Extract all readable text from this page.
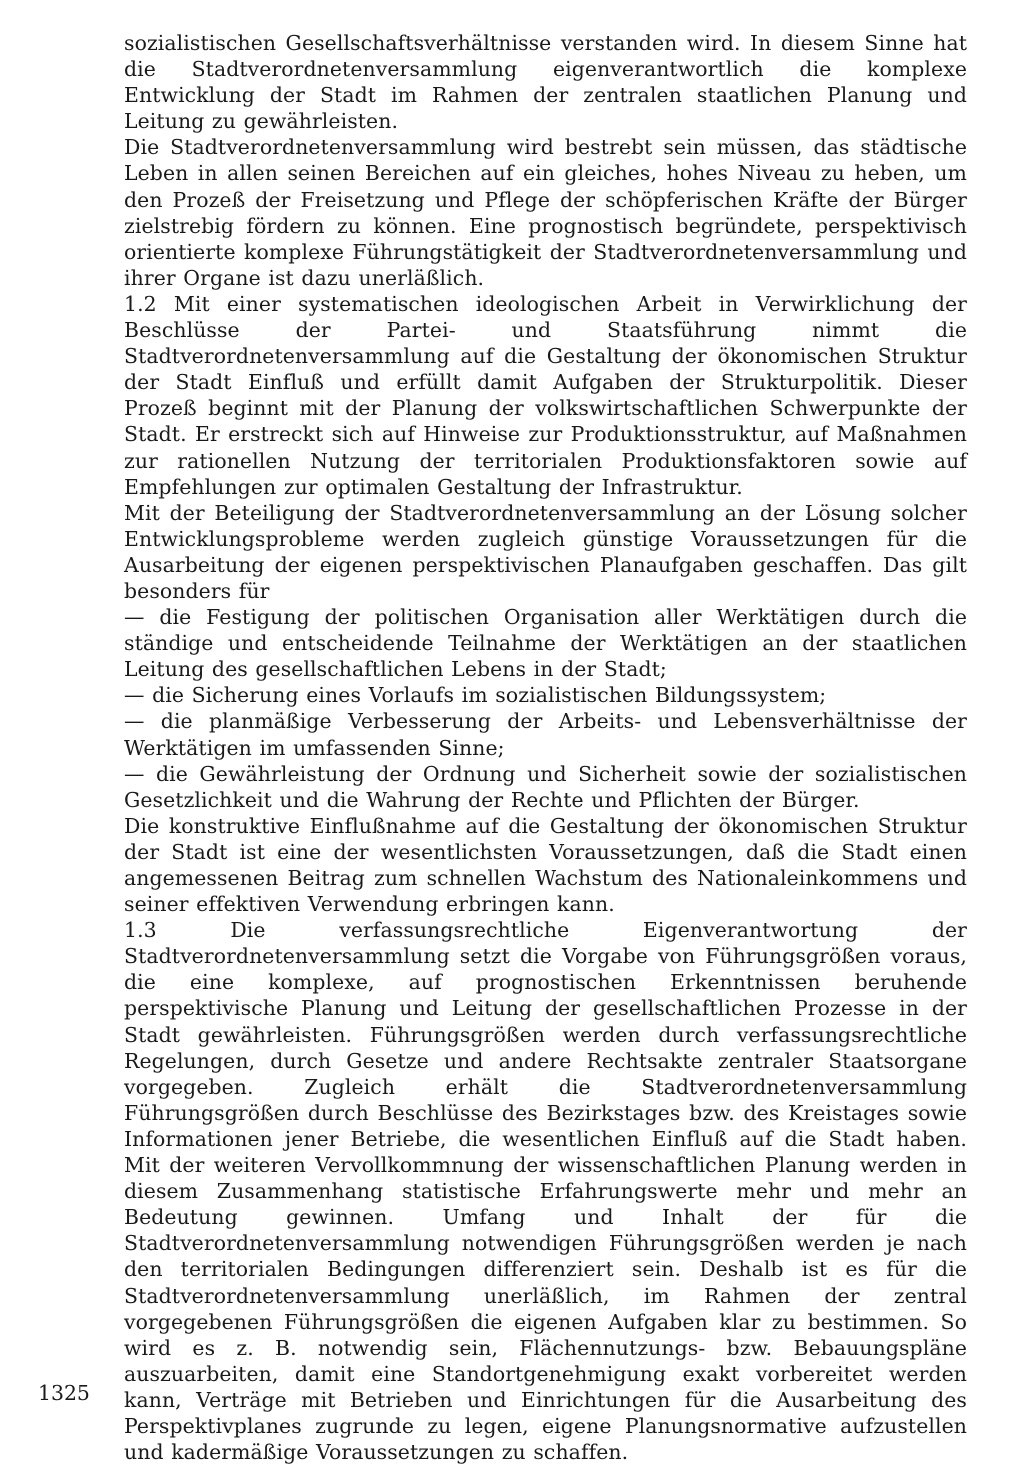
sozialistischen Gesellschaftsverhältnisse verstanden wird. In diesem Sinne hat die Stadtverordnetenversammlung eigenverantwortlich die komplexe Entwicklung der Stadt im Rahmen der zentralen staatlichen Planung und Leitung zu gewährleisten.

Die Stadtverordnetenversammlung wird bestrebt sein müssen, das städtische Leben in allen seinen Bereichen auf ein gleiches, hohes Niveau zu heben, um den Prozeß der Freisetzung und Pflege der schöpferischen Kräfte der Bürger zielstrebig fördern zu können. Eine prognostisch begründete, perspektivisch orientierte komplexe Führungstätigkeit der Stadtverordnetenversammlung und ihrer Organe ist dazu unerläßlich.

1.2 Mit einer systematischen ideologischen Arbeit in Verwirklichung der Beschlüsse der Partei- und Staatsführung nimmt die Stadtverordnetenversammlung auf die Gestaltung der ökonomischen Struktur der Stadt Einfluß und erfüllt damit Aufgaben der Strukturpolitik. Dieser Prozeß beginnt mit der Planung der volkswirtschaftlichen Schwerpunkte der Stadt. Er erstreckt sich auf Hinweise zur Produktionsstruktur, auf Maßnahmen zur rationellen Nutzung der territorialen Produktionsfaktoren sowie auf Empfehlungen zur optimalen Gestaltung der Infrastruktur.

Mit der Beteiligung der Stadtverordnetenversammlung an der Lösung solcher Entwicklungsprobleme werden zugleich günstige Voraussetzungen für die Ausarbeitung der eigenen perspektivischen Planaufgaben geschaffen. Das gilt besonders für

— die Festigung der politischen Organisation aller Werktätigen durch die ständige und entscheidende Teilnahme der Werktätigen an der staatlichen Leitung des gesellschaftlichen Lebens in der Stadt;

— die Sicherung eines Vorlaufs im sozialistischen Bildungssystem;

— die planmäßige Verbesserung der Arbeits- und Lebensverhältnisse der Werktätigen im umfassenden Sinne;

— die Gewährleistung der Ordnung und Sicherheit sowie der sozialistischen Gesetzlichkeit und die Wahrung der Rechte und Pflichten der Bürger.

Die konstruktive Einflußnahme auf die Gestaltung der ökonomischen Struktur der Stadt ist eine der wesentlichsten Voraussetzungen, daß die Stadt einen angemessenen Beitrag zum schnellen Wachstum des Nationaleinkommens und seiner effektiven Verwendung erbringen kann.

1.3 Die verfassungsrechtliche Eigenverantwortung der Stadtverordnetenversammlung setzt die Vorgabe von Führungsgrößen voraus, die eine komplexe, auf prognostischen Erkenntnissen beruhende perspektivische Planung und Leitung der gesellschaftlichen Prozesse in der Stadt gewährleisten. Führungsgrößen werden durch verfassungsrechtliche Regelungen, durch Gesetze und andere Rechtsakte zentraler Staatsorgane vorgegeben. Zugleich erhält die Stadtverordnetenversammlung Führungsgrößen durch Beschlüsse des Bezirkstages bzw. des Kreistages sowie Informationen jener Betriebe, die wesentlichen Einfluß auf die Stadt haben. Mit der weiteren Vervollkommnung der wissenschaftlichen Planung werden in diesem Zusammenhang statistische Erfahrungswerte mehr und mehr an Bedeutung gewinnen. Umfang und Inhalt der für die Stadtverordnetenversammlung notwendigen Führungsgrößen werden je nach den territorialen Bedingungen differenziert sein. Deshalb ist es für die Stadtverordnetenversammlung unerläßlich, im Rahmen der zentral vorgegebenen Führungsgrößen die eigenen Aufgaben klar zu bestimmen. So wird es z. B. notwendig sein, Flächennutzungs- bzw. Bebauungspläne auszuarbeiten, damit eine Standortgenehmigung exakt vorbereitet werden kann, Verträge mit Betrieben und Einrichtungen für die Ausarbeitung des Perspektivplanes zugrunde zu legen, eigene Planungsnormative aufzustellen und kadermäßige Voraussetzungen zu schaffen.

1325
